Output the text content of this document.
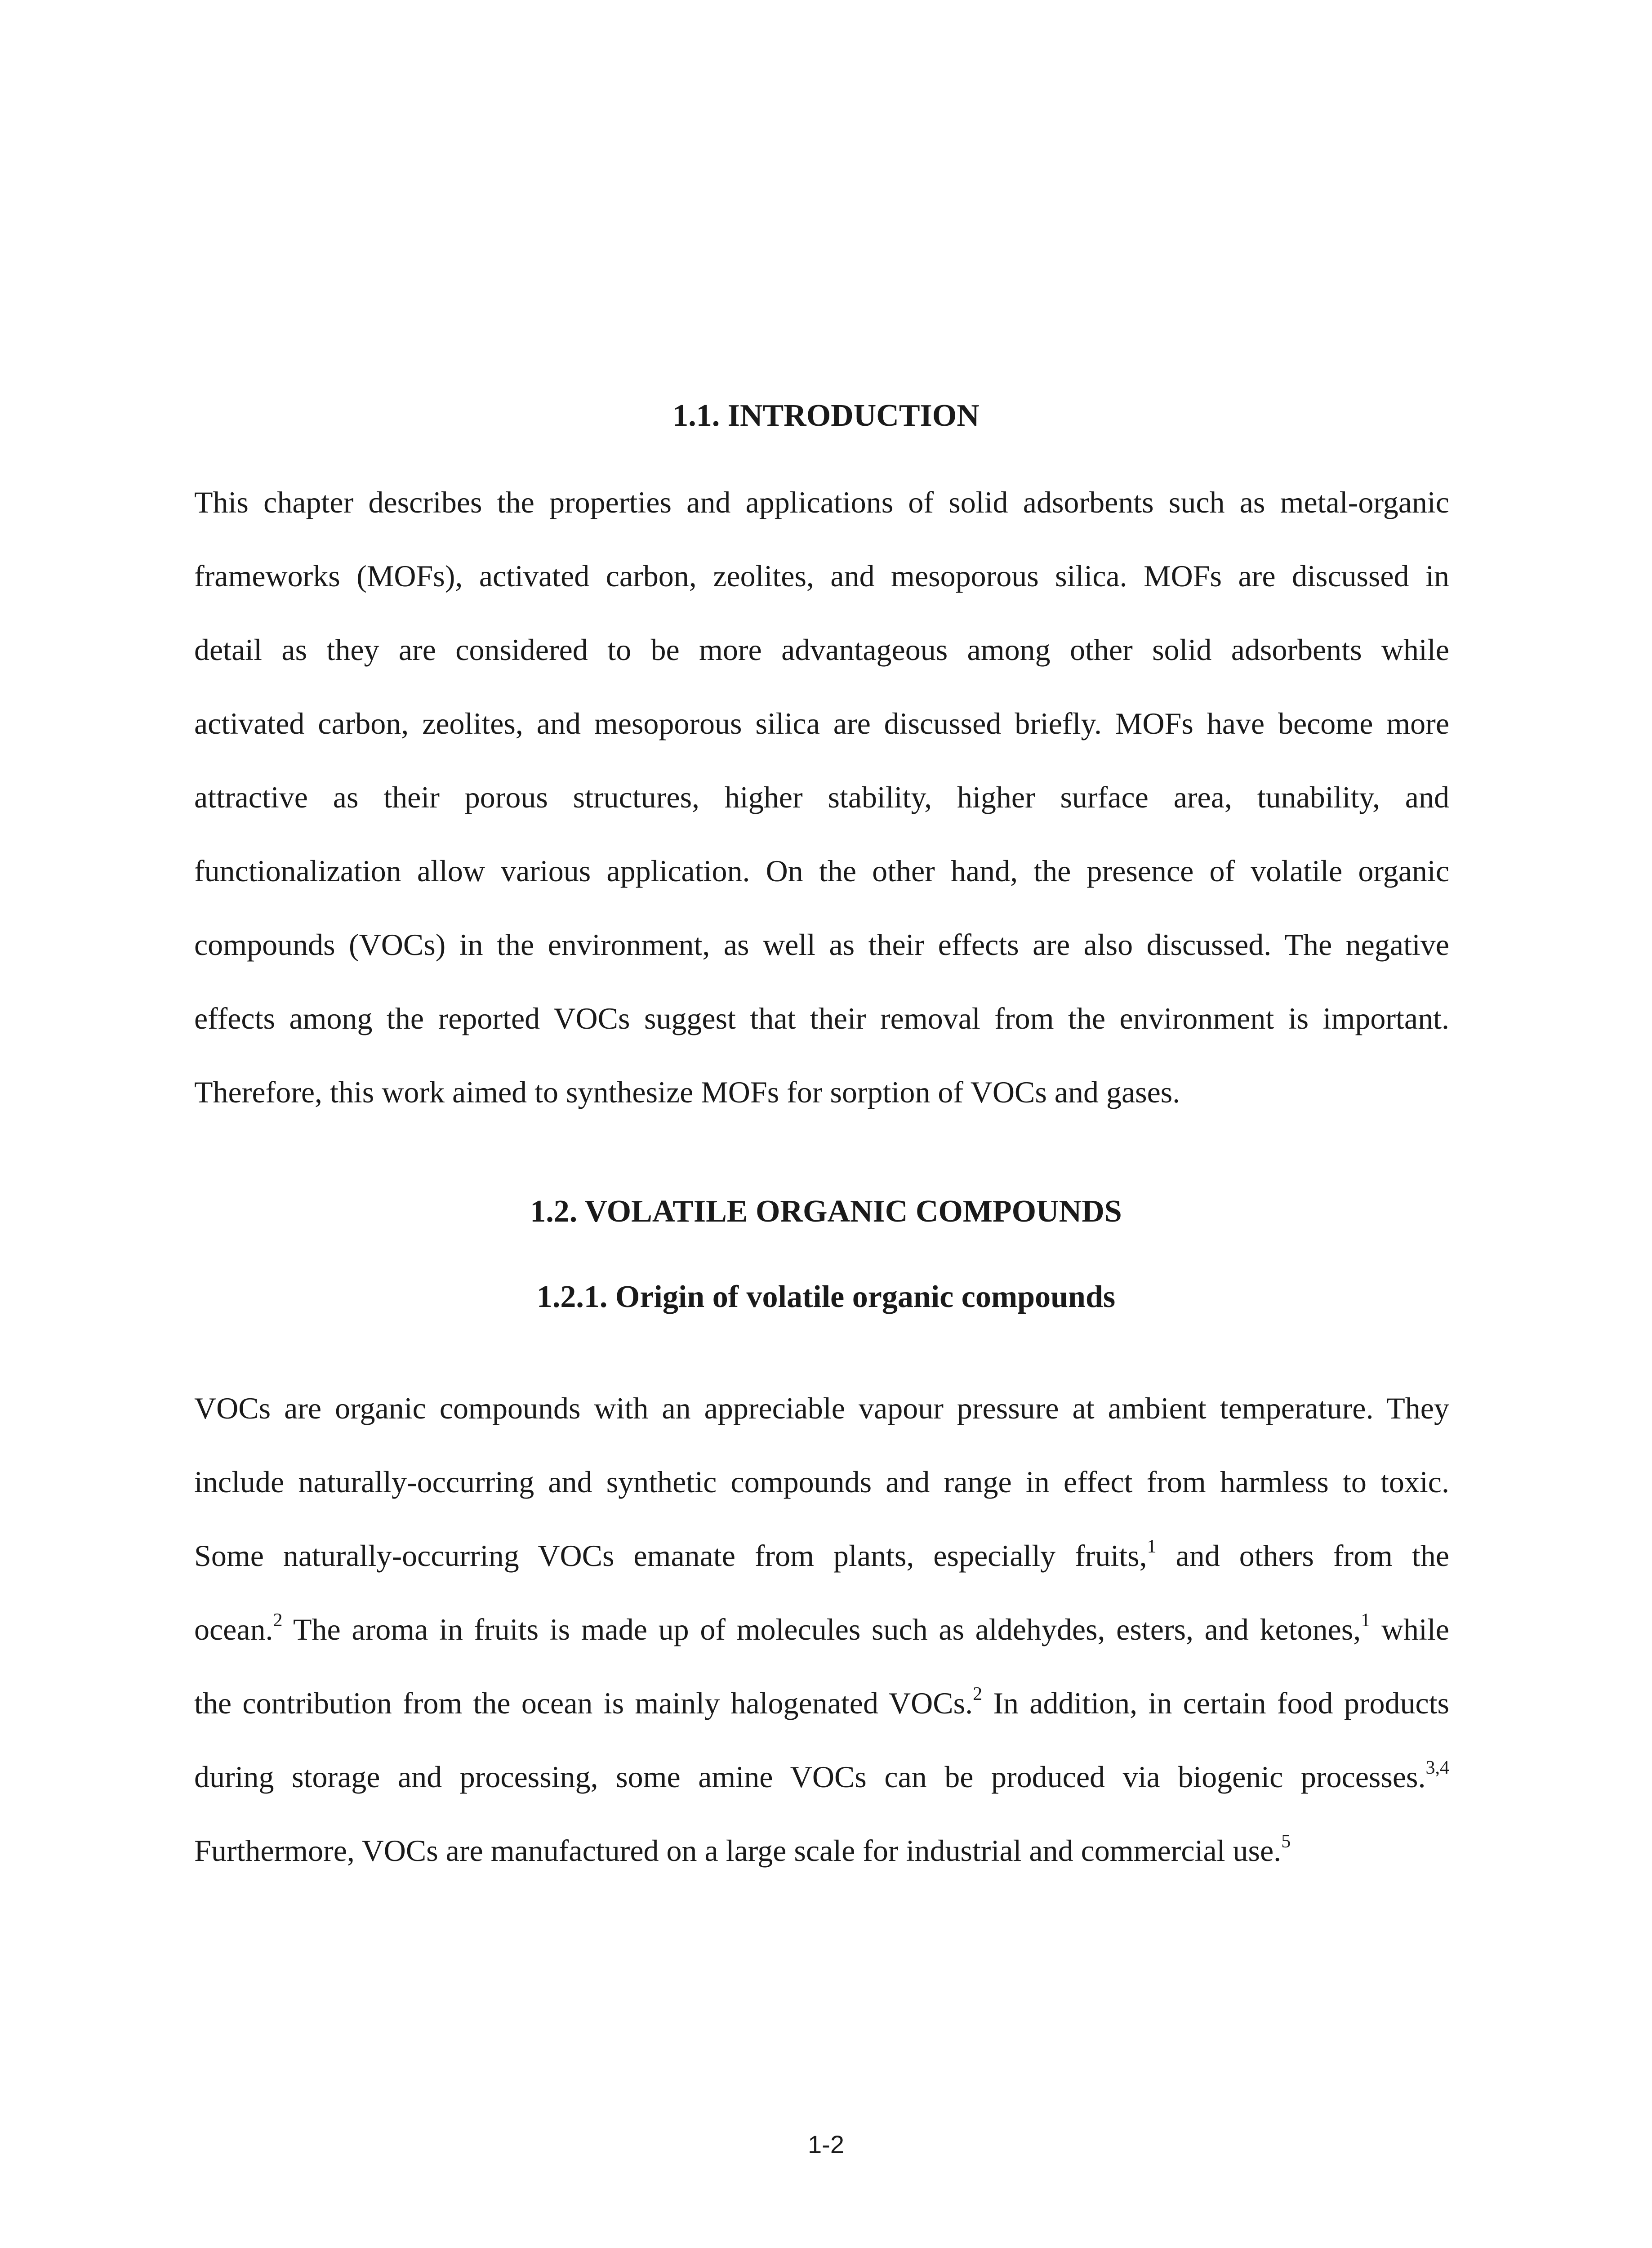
1.1. INTRODUCTION

This chapter describes the properties and applications of solid adsorbents such as metal-organic
frameworks (MOFs), activated carbon, zeolites, and mesoporous silica. MOFs are discussed in
detail as they are considered to be more advantageous among other solid adsorbents while
activated carbon, zeolites, and mesoporous silica are discussed briefly. MOFs have become more
attractive as their porous structures, higher stability, higher surface area, tunability, and
functionalization allow various application. On the other hand, the presence of volatile organic
compounds (VOCs) in the environment, as well as their effects are also discussed. The negative
effects among the reported VOCs suggest that their removal from the environment is important.
Therefore, this work aimed to synthesize MOFs for sorption of VOCs and gases.

1.2. VOLATILE ORGANIC COMPOUNDS
1.2.1. Origin of volatile organic compounds

VOCs are organic compounds with an appreciable vapour pressure at ambient temperature. They
include naturally-occurring and synthetic compounds and range in effect from harmless to toxic.
Some naturally-occurring VOCs emanate from plants, especially fruits,$^1$ and others from the
ocean.$^2$ The aroma in fruits is made up of molecules such as aldehydes, esters, and ketones,$^1$ while
the contribution from the ocean is mainly halogenated VOCs.$^2$ In addition, in certain food products
during storage and processing, some amine VOCs can be produced via biogenic processes.$^{3,4}$
Furthermore, VOCs are manufactured on a large scale for industrial and commercial use.$^5$

1-2
